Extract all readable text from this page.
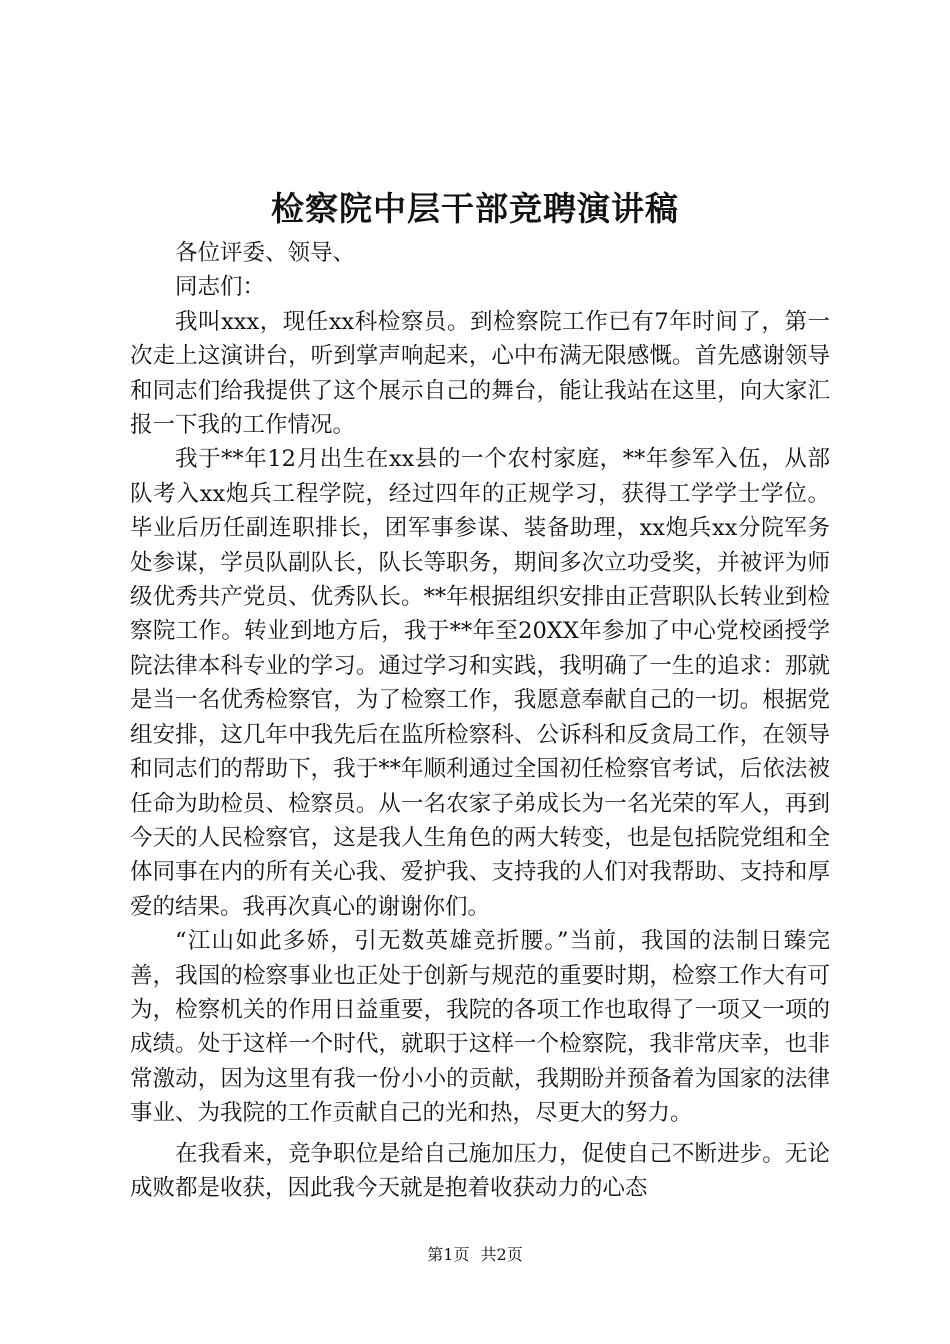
检察院中层干部竞聘演讲稿

各位评委、领导、

同志们：

我叫xxx，现任xx科检察员。到检察院工作已有7年时间了，第一次走上这演讲台，听到掌声响起来，心中布满无限感慨。首先感谢领导和同志们给我提供了这个展示自己的舞台，能让我站在这里，向大家汇报一下我的工作情况。

我于**年12月出生在xx县的一个农村家庭，**年参军入伍，从部队考入xx炮兵工程学院，经过四年的正规学习，获得工学学士学位。毕业后历任副连职排长，团军事参谋、装备助理，xx炮兵xx分院军务处参谋，学员队副队长，队长等职务，期间多次立功受奖，并被评为师级优秀共产党员、优秀队长。**年根据组织安排由正营职队长转业到检察院工作。转业到地方后，我于**年至20XX年参加了中心党校函授学院法律本科专业的学习。通过学习和实践，我明确了一生的追求：那就是当一名优秀检察官，为了检察工作，我愿意奉献自己的一切。根据党组安排，这几年中我先后在监所检察科、公诉科和反贪局工作，在领导和同志们的帮助下，我于**年顺利通过全国初任检察官考试，后依法被任命为助检员、检察员。从一名农家子弟成长为一名光荣的军人，再到今天的人民检察官，这是我人生角色的两大转变，也是包括院党组和全体同事在内的所有关心我、爱护我、支持我的人们对我帮助、支持和厚爱的结果。我再次真心的谢谢你们。

“江山如此多娇，引无数英雄竞折腰。”当前，我国的法制日臻完善，我国的检察事业也正处于创新与规范的重要时期，检察工作大有可为，检察机关的作用日益重要，我院的各项工作也取得了一项又一项的成绩。处于这样一个时代，就职于这样一个检察院，我非常庆幸，也非常激动，因为这里有我一份小小的贡献，我期盼并预备着为国家的法律事业、为我院的工作贡献自己的光和热，尽更大的努力。

在我看来，竞争职位是给自己施加压力，促使自己不断进步。无论成败都是收获，因此我今天就是抱着收获动力的心态

第1页 共2页
